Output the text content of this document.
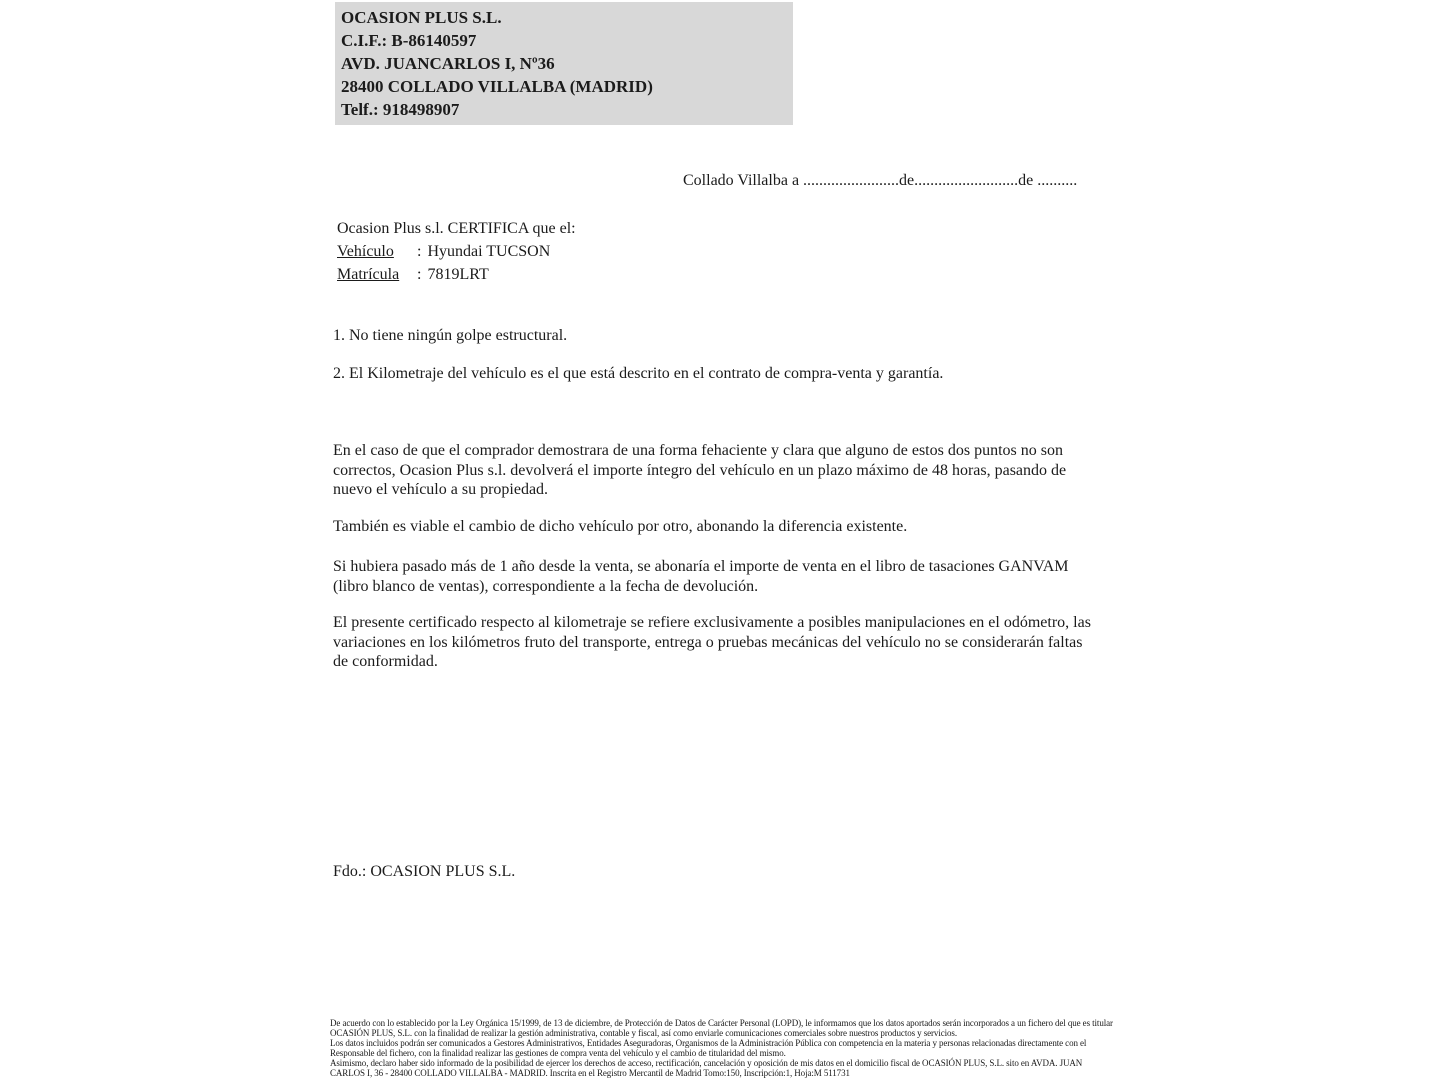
OCASION PLUS S.L.
C.I.F.: B-86140597
AVD. JUANCARLOS I, Nº36
28400 COLLADO VILLALBA (MADRID)
Telf.: 918498907
Collado Villalba a ........................de..........................de ..........
Ocasion Plus s.l. CERTIFICA que el:
Vehículo : Hyundai TUCSON
Matrícula : 7819LRT

1. No tiene ningún golpe estructural.

2. El Kilometraje del vehículo es el que está descrito en el contrato de compra-venta y garantía.

En el caso de que el comprador demostrara de una forma fehaciente y clara que alguno de estos dos puntos no son correctos, Ocasion Plus s.l. devolverá el importe íntegro del vehículo en un plazo máximo de 48 horas, pasando de nuevo el vehículo a su propiedad.

También es viable el cambio de dicho vehículo por otro, abonando la diferencia existente.

Si hubiera pasado más de 1 año desde la venta, se abonaría el importe de venta en el libro de tasaciones GANVAM (libro blanco de ventas), correspondiente a la fecha de devolución.

El presente certificado respecto al kilometraje se refiere exclusivamente a posibles manipulaciones en el odómetro, las variaciones en los kilómetros fruto del transporte, entrega o pruebas mecánicas del vehículo no se considerarán faltas de conformidad.

Fdo.: OCASION PLUS S.L.

De acuerdo con lo establecido por la Ley Orgánica 15/1999, de 13 de diciembre, de Protección de Datos de Carácter Personal (LOPD), le informamos que los datos aportados serán incorporados a un fichero del que es titular

OCASIÓN PLUS, S.L. con la finalidad de realizar la gestión administrativa, contable y fiscal, así como enviarle comunicaciones comerciales sobre nuestros productos y servicios.

Los datos incluidos podrán ser comunicados a Gestores Administrativos, Entidades Aseguradoras, Organismos de la Administración Pública con competencia en la materia y personas relacionadas directamente con el

Responsable del fichero, con la finalidad realizar las gestiones de compra venta del vehículo y el cambio de titularidad del mismo.

Asimismo, declaro haber sido informado de la posibilidad de ejercer los derechos de acceso, rectificación, cancelación y oposición de mis datos en el domicilio fiscal de OCASIÓN PLUS, S.L. sito en AVDA. JUAN

CARLOS I, 36 - 28400 COLLADO VILLALBA - MADRID. Inscrita en el Registro Mercantil de Madrid Tomo:150, Inscripción:1, Hoja:M 511731
